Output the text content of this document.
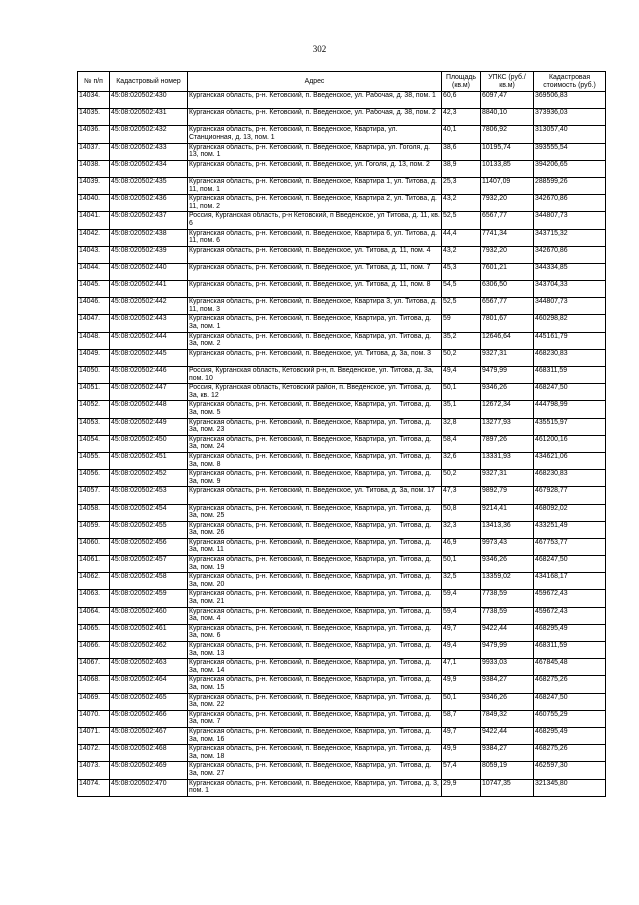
302
№ п/п	Кадастровый номер	Адрес	Площадь (кв.м)	УПКС (руб./кв.м)	Кадастровая стоимость (руб.)
14034.	45:08:020502:430	Курганская область, р-н. Кетовский, п. Введенское, ул. Рабочая, д. 38, пом. 1	60,6	6097,47	369506,83
14035.	45:08:020502:431	Курганская область, р-н. Кетовский, п. Введенское, ул. Рабочая, д. 38, пом. 2	42,3	8840,10	373936,03
14036.	45:08:020502:432	Курганская область, р-н. Кетовский, п. Введенское, Квартира, ул. Станционная, д. 13, пом. 1	40,1	7806,92	313057,40
14037.	45:08:020502:433	Курганская область, р-н. Кетовский, п. Введенское, Квартира, ул. Гоголя, д. 13, пом. 1	38,6	10195,74	393555,54
14038.	45:08:020502:434	Курганская область, р-н. Кетовский, п. Введенское, ул. Гоголя, д. 13, пом. 2	38,9	10133,85	394206,65
14039.	45:08:020502:435	Курганская область, р-н. Кетовский, п. Введенское, Квартира 1, ул. Титова, д. 11, пом. 1	25,3	11407,09	288599,26
14040.	45:08:020502:436	Курганская область, р-н. Кетовский, п. Введенское, Квартира 2, ул. Титова, д. 11, пом. 2	43,2	7932,20	342670,86
14041.	45:08:020502:437	Россия, Курганская область, р-н Кетовский, п Введенское, ул Титова, д. 11, кв. 6	52,5	6567,77	344807,73
14042.	45:08:020502:438	Курганская область, р-н. Кетовский, п. Введенское, Квартира 6, ул. Титова, д. 11, пом. 6	44,4	7741,34	343715,32
14043.	45:08:020502:439	Курганская область, р-н. Кетовский, п. Введенское, ул. Титова, д. 11, пом. 4	43,2	7932,20	342670,86
14044.	45:08:020502:440	Курганская область, р-н. Кетовский, п. Введенское, ул. Титова, д. 11, пом. 7	45,3	7601,21	344334,85
14045.	45:08:020502:441	Курганская область, р-н. Кетовский, п. Введенское, ул. Титова, д. 11, пом. 8	54,5	6306,50	343704,33
14046.	45:08:020502:442	Курганская область, р-н. Кетовский, п. Введенское, Квартира 3, ул. Титова, д. 11, пом. 3	52,5	6567,77	344807,73
14047.	45:08:020502:443	Курганская область, р-н. Кетовский, п. Введенское, Квартира, ул. Титова, д. 3а, пом. 1	59	7801,67	460298,82
14048.	45:08:020502:444	Курганская область, р-н. Кетовский, п. Введенское, Квартира, ул. Титова, д. 3а, пом. 2	35,2	12646,64	445161,79
14049.	45:08:020502:445	Курганская область, р-н. Кетовский, п. Введенское, ул. Титова, д. 3а, пом. 3	50,2	9327,31	468230,83
14050.	45:08:020502:446	Россия, Курганская область, Кетовский р-н, п. Введенское, ул. Титова, д. 3а, пом. 10	49,4	9479,99	468311,59
14051.	45:08:020502:447	Россия, Курганская область, Кетовский район, п. Введенское, ул. Титова, д. 3а, кв. 12	50,1	9346,26	468247,50
14052.	45:08:020502:448	Курганская область, р-н. Кетовский, п. Введенское, Квартира, ул. Титова, д. 3а, пом. 5	35,1	12672,34	444798,99
14053.	45:08:020502:449	Курганская область, р-н. Кетовский, п. Введенское, Квартира, ул. Титова, д. 3а, пом. 23	32,8	13277,93	435515,97
14054.	45:08:020502:450	Курганская область, р-н. Кетовский, п. Введенское, Квартира, ул. Титова, д. 3а, пом. 24	58,4	7897,26	461200,16
14055.	45:08:020502:451	Курганская область, р-н. Кетовский, п. Введенское, Квартира, ул. Титова, д. 3а, пом. 8	32,6	13331,93	434621,06
14056.	45:08:020502:452	Курганская область, р-н. Кетовский, п. Введенское, Квартира, ул. Титова, д. 3а, пом. 9	50,2	9327,31	468230,83
14057.	45:08:020502:453	Курганская область, р-н. Кетовский, п. Введенское, ул. Титова, д. 3а, пом. 17	47,3	9892,79	467928,77
14058.	45:08:020502:454	Курганская область, р-н. Кетовский, п. Введенское, Квартира, ул. Титова, д. 3а, пом. 25	50,8	9214,41	468092,02
14059.	45:08:020502:455	Курганская область, р-н. Кетовский, п. Введенское, Квартира, ул. Титова, д. 3а, пом. 26	32,3	13413,36	433251,49
14060.	45:08:020502:456	Курганская область, р-н. Кетовский, п. Введенское, Квартира, ул. Титова, д. 3а, пом. 11	46,9	9973,43	467753,77
14061.	45:08:020502:457	Курганская область, р-н. Кетовский, п. Введенское, Квартира, ул. Титова, д. 3а, пом. 19	50,1	9346,26	468247,50
14062.	45:08:020502:458	Курганская область, р-н. Кетовский, п. Введенское, Квартира, ул. Титова, д. 3а, пом. 20	32,5	13359,02	434168,17
14063.	45:08:020502:459	Курганская область, р-н. Кетовский, п. Введенское, Квартира, ул. Титова, д. 3а, пом. 21	59,4	7738,59	459672,43
14064.	45:08:020502:460	Курганская область, р-н. Кетовский, п. Введенское, Квартира, ул. Титова, д. 3а, пом. 4	59,4	7738,59	459672,43
14065.	45:08:020502:461	Курганская область, р-н. Кетовский, п. Введенское, Квартира, ул. Титова, д. 3а, пом. 6	49,7	9422,44	468295,49
14066.	45:08:020502:462	Курганская область, р-н. Кетовский, п. Введенское, Квартира, ул. Титова, д. 3а, пом. 13	49,4	9479,99	468311,59
14067.	45:08:020502:463	Курганская область, р-н. Кетовский, п. Введенское, Квартира, ул. Титова, д. 3а, пом. 14	47,1	9933,03	467845,48
14068.	45:08:020502:464	Курганская область, р-н. Кетовский, п. Введенское, Квартира, ул. Титова, д. 3а, пом. 15	49,9	9384,27	468275,26
14069.	45:08:020502:465	Курганская область, р-н. Кетовский, п. Введенское, Квартира, ул. Титова, д. 3а, пом. 22	50,1	9346,26	468247,50
14070.	45:08:020502:466	Курганская область, р-н. Кетовский, п. Введенское, Квартира, ул. Титова, д. 3а, пом. 7	58,7	7849,32	460755,29
14071.	45:08:020502:467	Курганская область, р-н. Кетовский, п. Введенское, Квартира, ул. Титова, д. 3а, пом. 16	49,7	9422,44	468295,49
14072.	45:08:020502:468	Курганская область, р-н. Кетовский, п. Введенское, Квартира, ул. Титова, д. 3а, пом. 18	49,9	9384,27	468275,26
14073.	45:08:020502:469	Курганская область, р-н. Кетовский, п. Введенское, Квартира, ул. Титова, д. 3а, пом. 27	57,4	8059,19	462597,30
14074.	45:08:020502:470	Курганская область, р-н. Кетовский, п. Введенское, Квартира, ул. Титова, д. 3, пом. 1	29,9	10747,35	321345,80
